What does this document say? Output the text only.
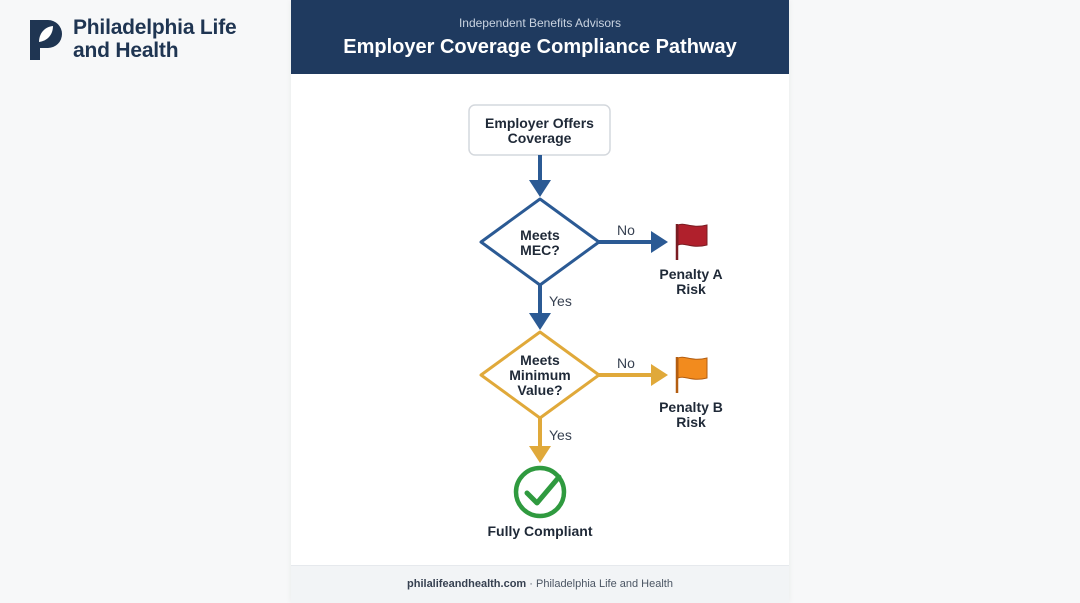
Philadelphia Life
and Health
Independent Benefits Advisors
Employer Coverage Compliance Pathway
Employer Offers
Coverage
Meets
MEC?
No
Yes
Penalty A
Risk
Meets
Minimum
Value?
No
Yes
Penalty B
Risk
Fully Compliant
philalifeandhealth.com · Philadelphia Life and Health
